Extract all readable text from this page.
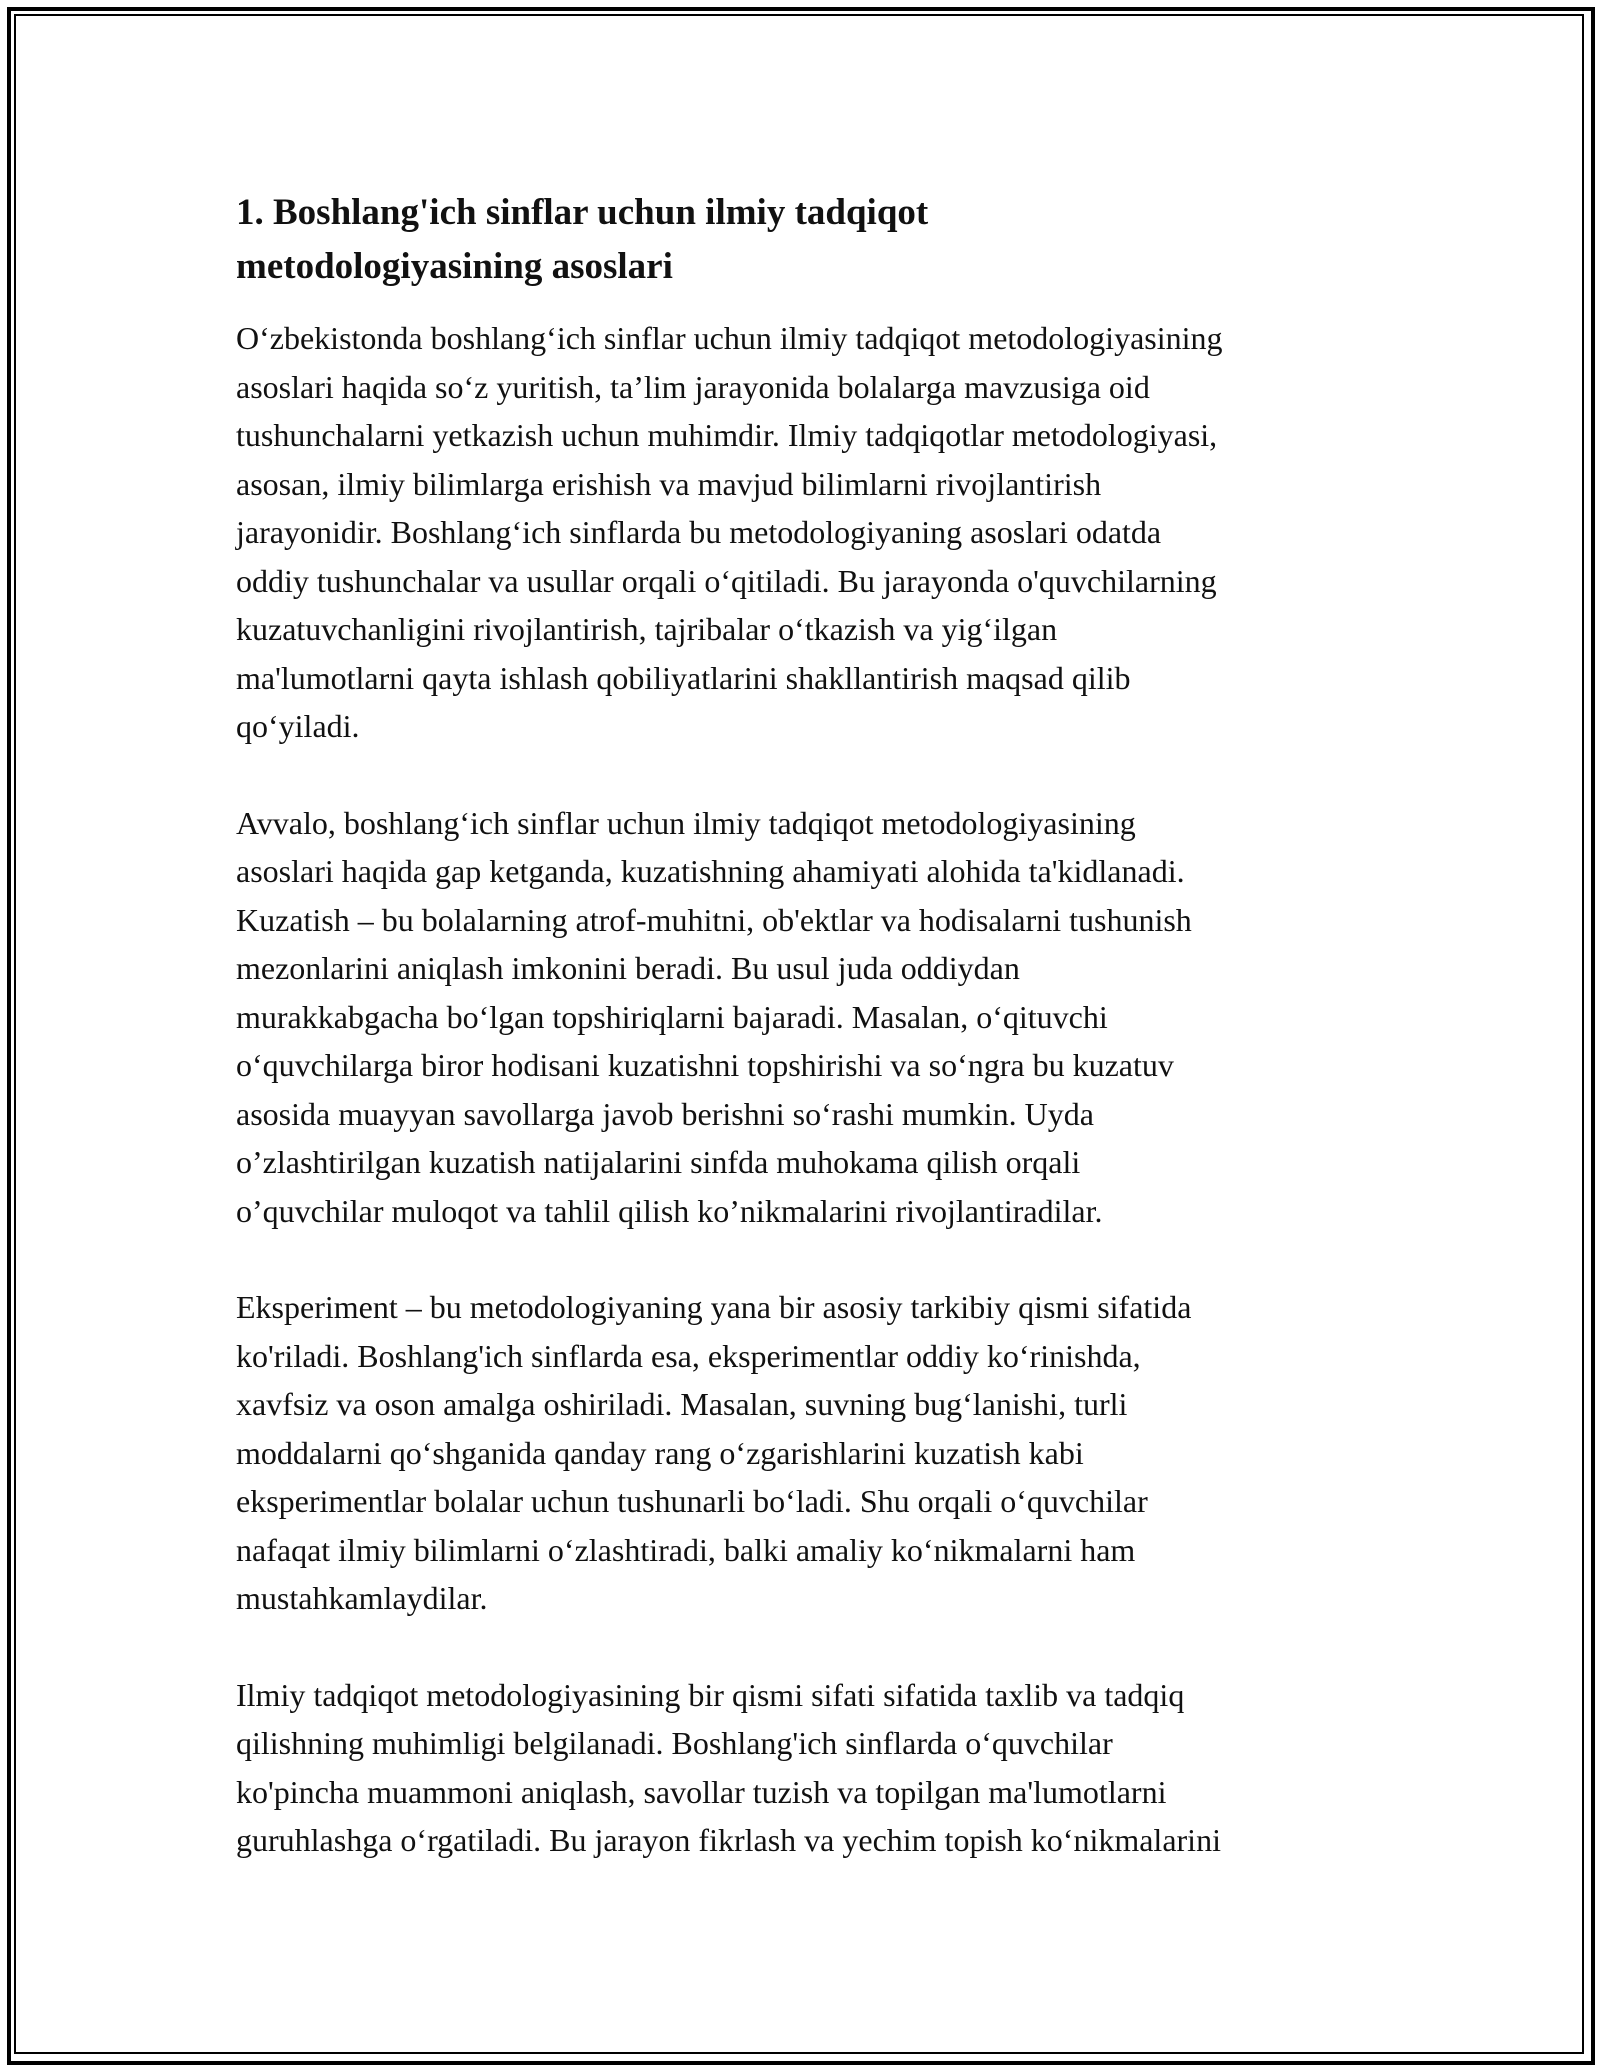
1. Boshlang'ich sinflar uchun ilmiy tadqiqot
metodologiyasining asoslari

O‘zbekistonda boshlang‘ich sinflar uchun ilmiy tadqiqot metodologiyasining
asoslari haqida so‘z yuritish, ta’lim jarayonida bolalarga mavzusiga oid
tushunchalarni yetkazish uchun muhimdir. Ilmiy tadqiqotlar metodologiyasi,
asosan, ilmiy bilimlarga erishish va mavjud bilimlarni rivojlantirish
jarayonidir. Boshlang‘ich sinflarda bu metodologiyaning asoslari odatda
oddiy tushunchalar va usullar orqali o‘qitiladi. Bu jarayonda o'quvchilarning
kuzatuvchanligini rivojlantirish, tajribalar o‘tkazish va yig‘ilgan
ma'lumotlarni qayta ishlash qobiliyatlarini shakllantirish maqsad qilib
qo‘yiladi.

Avvalo, boshlang‘ich sinflar uchun ilmiy tadqiqot metodologiyasining
asoslari haqida gap ketganda, kuzatishning ahamiyati alohida ta'kidlanadi.
Kuzatish – bu bolalarning atrof-muhitni, ob'ektlar va hodisalarni tushunish
mezonlarini aniqlash imkonini beradi. Bu usul juda oddiydan
murakkabgacha bo‘lgan topshiriqlarni bajaradi. Masalan, o‘qituvchi
o‘quvchilarga biror hodisani kuzatishni topshirishi va so‘ngra bu kuzatuv
asosida muayyan savollarga javob berishni so‘rashi mumkin. Uyda
o’zlashtirilgan kuzatish natijalarini sinfda muhokama qilish orqali
o’quvchilar muloqot va tahlil qilish ko’nikmalarini rivojlantiradilar.

Eksperiment – bu metodologiyaning yana bir asosiy tarkibiy qismi sifatida
ko'riladi. Boshlang'ich sinflarda esa, eksperimentlar oddiy ko‘rinishda,
xavfsiz va oson amalga oshiriladi. Masalan, suvning bug‘lanishi, turli
moddalarni qo‘shganida qanday rang o‘zgarishlarini kuzatish kabi
eksperimentlar bolalar uchun tushunarli bo‘ladi. Shu orqali o‘quvchilar
nafaqat ilmiy bilimlarni o‘zlashtiradi, balki amaliy ko‘nikmalarni ham
mustahkamlaydilar.

Ilmiy tadqiqot metodologiyasining bir qismi sifati sifatida taxlib va tadqiq
qilishning muhimligi belgilanadi. Boshlang'ich sinflarda o‘quvchilar
ko'pincha muammoni aniqlash, savollar tuzish va topilgan ma'lumotlarni
guruhlashga o‘rgatiladi. Bu jarayon fikrlash va yechim topish ko‘nikmalarini
